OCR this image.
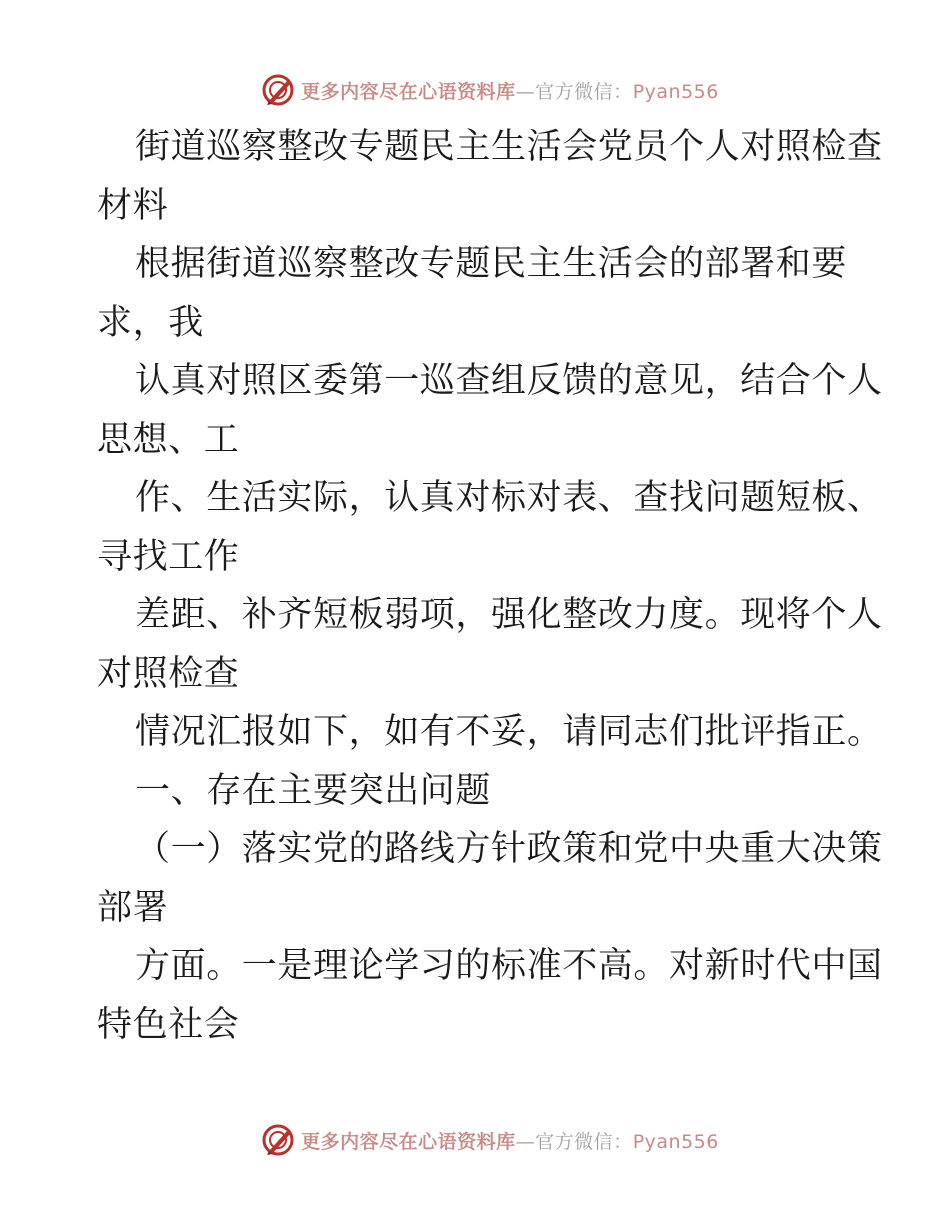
更多内容尽在心语资料库—官方微信：Pyan556
街道巡察整改专题民主生活会党员个人对照检查
材料
根据街道巡察整改专题民主生活会的部署和要
求，我
认真对照区委第一巡查组反馈的意见，结合个人
思想、工
作、生活实际，认真对标对表、查找问题短板、
寻找工作
差距、补齐短板弱项，强化整改力度。现将个人
对照检查
情况汇报如下，如有不妥，请同志们批评指正。
一、存在主要突出问题
（一）落实党的路线方针政策和党中央重大决策
部署
方面。一是理论学习的标准不高。对新时代中国
特色社会
更多内容尽在心语资料库—官方微信：Pyan556
